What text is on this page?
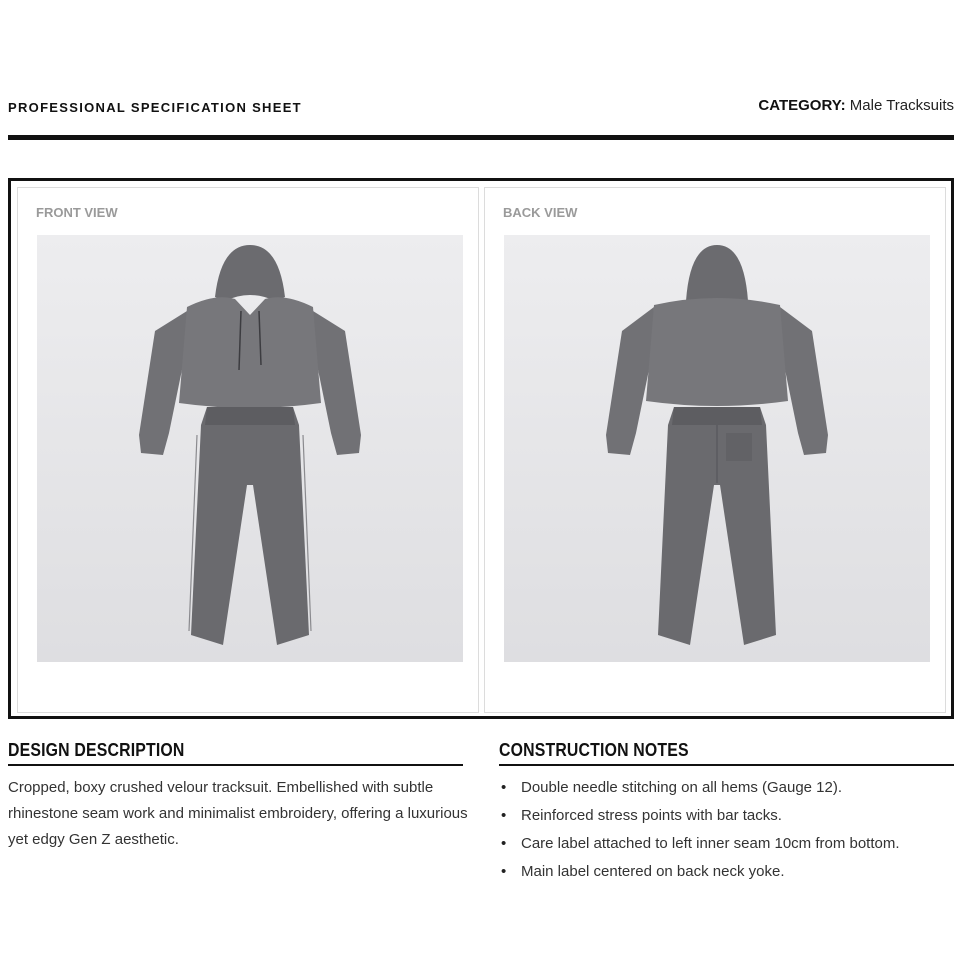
PROFESSIONAL SPECIFICATION SHEET	CATEGORY: Male Tracksuits
FRONT VIEW	BACK VIEW
DESIGN DESCRIPTION
Cropped, boxy crushed velour tracksuit. Embellished with subtle rhinestone seam work and minimalist embroidery, offering a luxurious yet edgy Gen Z aesthetic.
CONSTRUCTION NOTES
• Double needle stitching on all hems (Gauge 12).
• Reinforced stress points with bar tacks.
• Care label attached to left inner seam 10cm from bottom.
• Main label centered on back neck yoke.
